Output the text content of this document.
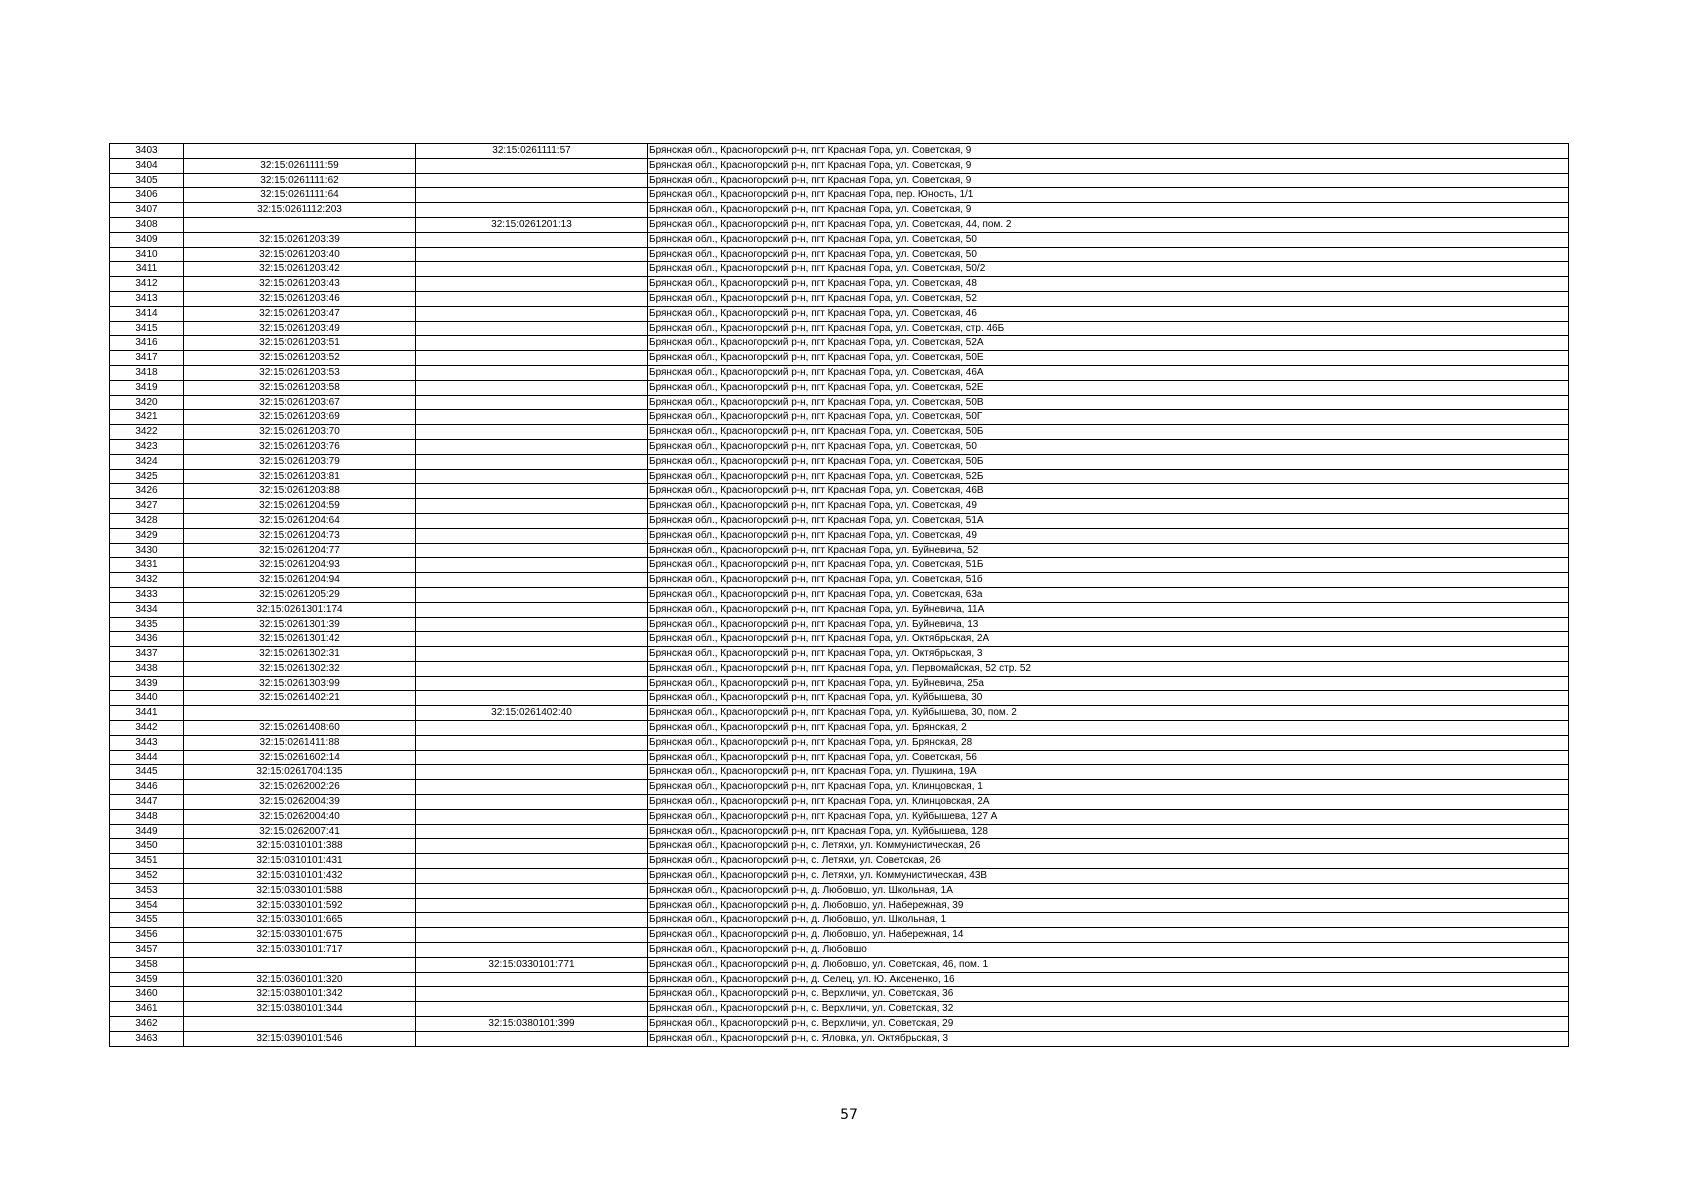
3403		32:15:0261111:57	Брянская обл., Красногорский р-н, пгт Красная Гора, ул. Советская, 9
3404	32:15:0261111:59		Брянская обл., Красногорский р-н, пгт Красная Гора, ул. Советская, 9
3405	32:15:0261111:62		Брянская обл., Красногорский р-н, пгт Красная Гора, ул. Советская, 9
3406	32:15:0261111:64		Брянская обл., Красногорский р-н, пгт Красная Гора, пер. Юность, 1/1
3407	32:15:0261112:203		Брянская обл., Красногорский р-н, пгт Красная Гора, ул. Советская, 9
3408		32:15:0261201:13	Брянская обл., Красногорский р-н, пгт Красная Гора, ул. Советская, 44, пом. 2
3409	32:15:0261203:39		Брянская обл., Красногорский р-н, пгт Красная Гора, ул. Советская, 50
3410	32:15:0261203:40		Брянская обл., Красногорский р-н, пгт Красная Гора, ул. Советская, 50
3411	32:15:0261203:42		Брянская обл., Красногорский р-н, пгт Красная Гора, ул. Советская, 50/2
3412	32:15:0261203:43		Брянская обл., Красногорский р-н, пгт Красная Гора, ул. Советская, 48
3413	32:15:0261203:46		Брянская обл., Красногорский р-н, пгт Красная Гора, ул. Советская, 52
3414	32:15:0261203:47		Брянская обл., Красногорский р-н, пгт Красная Гора, ул. Советская, 46
3415	32:15:0261203:49		Брянская обл., Красногорский р-н, пгт Красная Гора, ул. Советская, стр. 46Б
3416	32:15:0261203:51		Брянская обл., Красногорский р-н, пгт Красная Гора, ул. Советская, 52А
3417	32:15:0261203:52		Брянская обл., Красногорский р-н, пгт Красная Гора, ул. Советская, 50Е
3418	32:15:0261203:53		Брянская обл., Красногорский р-н, пгт Красная Гора, ул. Советская, 46А
3419	32:15:0261203:58		Брянская обл., Красногорский р-н, пгт Красная Гора, ул. Советская, 52Е
3420	32:15:0261203:67		Брянская обл., Красногорский р-н, пгт Красная Гора, ул. Советская, 50В
3421	32:15:0261203:69		Брянская обл., Красногорский р-н, пгт Красная Гора, ул. Советская, 50Г
3422	32:15:0261203:70		Брянская обл., Красногорский р-н, пгт Красная Гора, ул. Советская, 50Б
3423	32:15:0261203:76		Брянская обл., Красногорский р-н, пгт Красная Гора, ул. Советская, 50
3424	32:15:0261203:79		Брянская обл., Красногорский р-н, пгт Красная Гора, ул. Советская, 50Б
3425	32:15:0261203:81		Брянская обл., Красногорский р-н, пгт Красная Гора, ул. Советская, 52Б
3426	32:15:0261203:88		Брянская обл., Красногорский р-н, пгт Красная Гора, ул. Советская, 46В
3427	32:15:0261204:59		Брянская обл., Красногорский р-н, пгт Красная Гора, ул. Советская, 49
3428	32:15:0261204:64		Брянская обл., Красногорский р-н, пгт Красная Гора, ул. Советская, 51А
3429	32:15:0261204:73		Брянская обл., Красногорский р-н, пгт Красная Гора, ул. Советская, 49
3430	32:15:0261204:77		Брянская обл., Красногорский р-н, пгт Красная Гора, ул. Буйневича, 52
3431	32:15:0261204:93		Брянская обл., Красногорский р-н, пгт Красная Гора, ул. Советская, 51Б
3432	32:15:0261204:94		Брянская обл., Красногорский р-н, пгт Красная Гора, ул. Советская, 51б
3433	32:15:0261205:29		Брянская обл., Красногорский р-н, пгт Красная Гора, ул. Советская, 63а
3434	32:15:0261301:174		Брянская обл., Красногорский р-н, пгт Красная Гора, ул. Буйневича, 11А
3435	32:15:0261301:39		Брянская обл., Красногорский р-н, пгт Красная Гора, ул. Буйневича, 13
3436	32:15:0261301:42		Брянская обл., Красногорский р-н, пгт Красная Гора, ул. Октябрьская, 2А
3437	32:15:0261302:31		Брянская обл., Красногорский р-н, пгт Красная Гора, ул. Октябрьская, 3
3438	32:15:0261302:32		Брянская обл., Красногорский р-н, пгт Красная Гора, ул. Первомайская, 52 стр. 52
3439	32:15:0261303:99		Брянская обл., Красногорский р-н, пгт Красная Гора, ул. Буйневича, 25а
3440	32:15:0261402:21		Брянская обл., Красногорский р-н, пгт Красная Гора, ул. Куйбышева, 30
3441		32:15:0261402:40	Брянская обл., Красногорский р-н, пгт Красная Гора, ул. Куйбышева, 30, пом. 2
3442	32:15:0261408:60		Брянская обл., Красногорский р-н, пгт Красная Гора, ул. Брянская, 2
3443	32:15:0261411:88		Брянская обл., Красногорский р-н, пгт Красная Гора, ул. Брянская, 28
3444	32:15:0261602:14		Брянская обл., Красногорский р-н, пгт Красная Гора, ул. Советская, 56
3445	32:15:0261704:135		Брянская обл., Красногорский р-н, пгт Красная Гора, ул. Пушкина, 19А
3446	32:15:0262002:26		Брянская обл., Красногорский р-н, пгт Красная Гора, ул. Клинцовская, 1
3447	32:15:0262004:39		Брянская обл., Красногорский р-н, пгт Красная Гора, ул. Клинцовская, 2А
3448	32:15:0262004:40		Брянская обл., Красногорский р-н, пгт Красная Гора, ул. Куйбышева, 127 А
3449	32:15:0262007:41		Брянская обл., Красногорский р-н, пгт Красная Гора, ул. Куйбышева, 128
3450	32:15:0310101:388		Брянская обл., Красногорский р-н, с. Летяхи, ул. Коммунистическая, 26
3451	32:15:0310101:431		Брянская обл., Красногорский р-н, с. Летяхи, ул. Советская, 26
3452	32:15:0310101:432		Брянская обл., Красногорский р-н, с. Летяхи, ул. Коммунистическая, 43В
3453	32:15:0330101:588		Брянская обл., Красногорский р-н, д. Любовшо, ул. Школьная, 1А
3454	32:15:0330101:592		Брянская обл., Красногорский р-н, д. Любовшо, ул. Набережная, 39
3455	32:15:0330101:665		Брянская обл., Красногорский р-н, д. Любовшо, ул. Школьная, 1
3456	32:15:0330101:675		Брянская обл., Красногорский р-н, д. Любовшо, ул. Набережная, 14
3457	32:15:0330101:717		Брянская обл., Красногорский р-н, д. Любовшо
3458		32:15:0330101:771	Брянская обл., Красногорский р-н, д. Любовшо, ул. Советская, 46, пом. 1
3459	32:15:0360101:320		Брянская обл., Красногорский р-н, д. Селец, ул. Ю. Аксененко, 16
3460	32:15:0380101:342		Брянская обл., Красногорский р-н, с. Верхличи, ул. Советская, 36
3461	32:15:0380101:344		Брянская обл., Красногорский р-н, с. Верхличи, ул. Советская, 32
3462		32:15:0380101:399	Брянская обл., Красногорский р-н, с. Верхличи, ул. Советская, 29
3463	32:15:0390101:546		Брянская обл., Красногорский р-н, с. Яловка, ул. Октябрьская, 3
57
